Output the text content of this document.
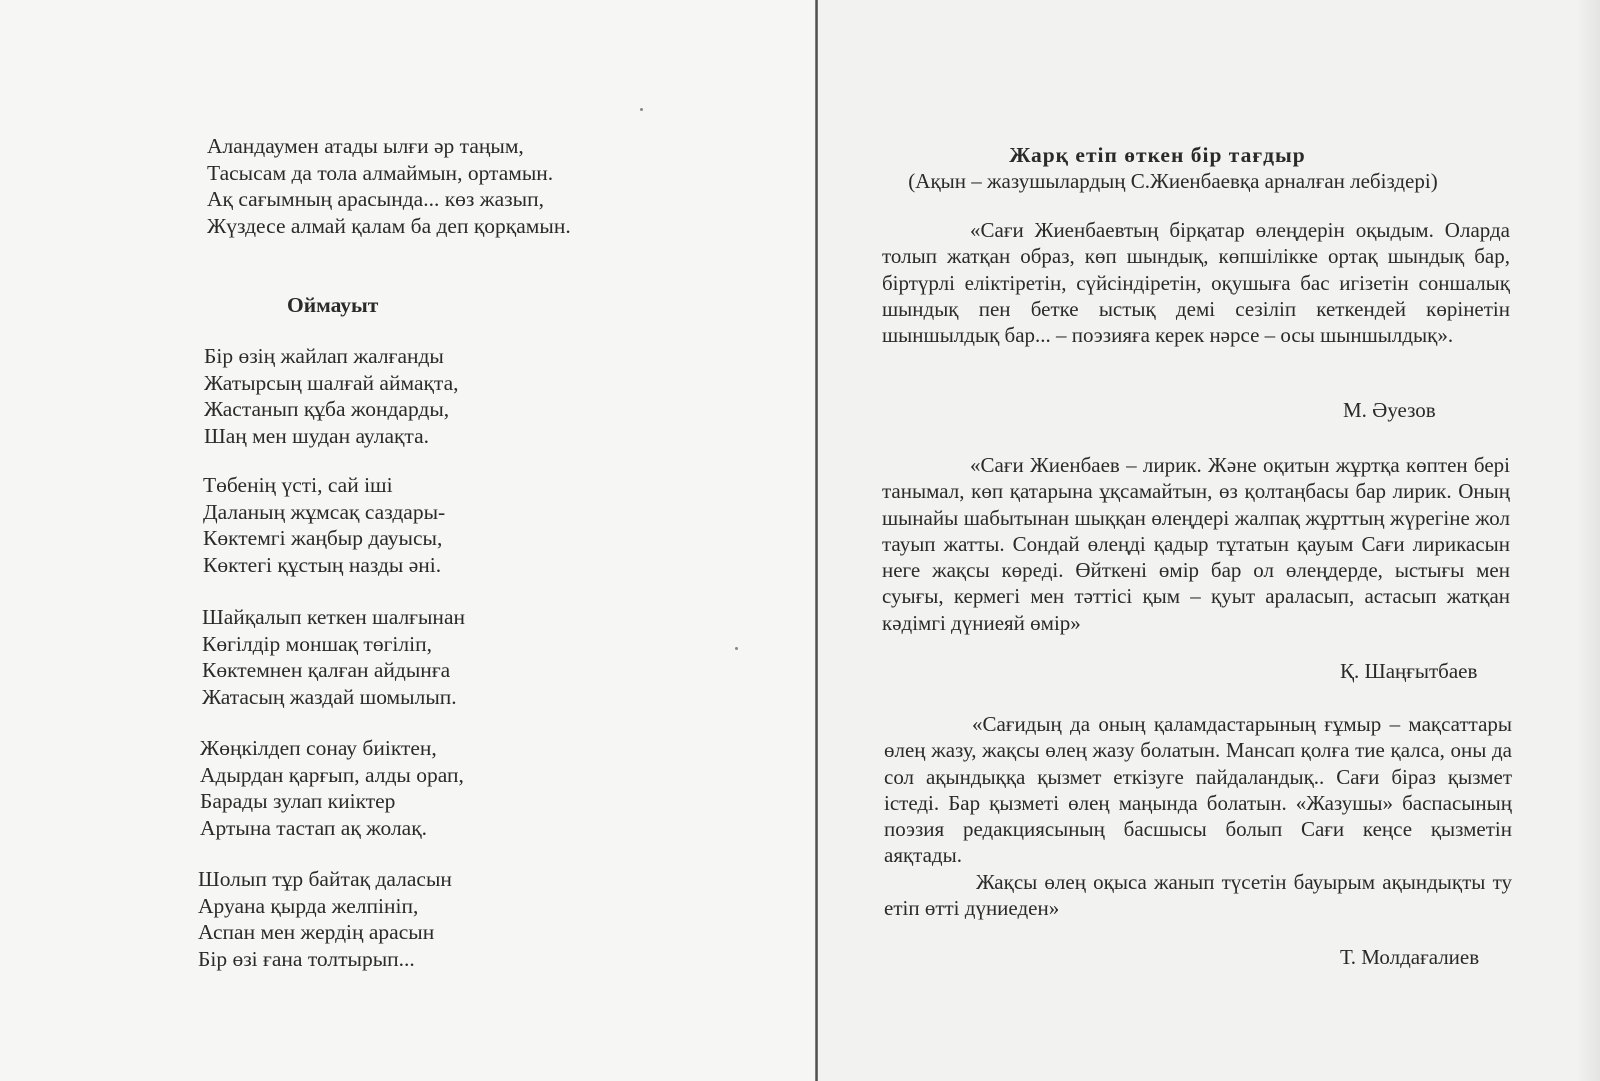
Аландаумен атады ылғи әр таңым,
Тасысам да тола алмаймын, ортамын.
Ақ сағымның арасында... көз жазып,
Жүздесе алмай қалам ба деп қорқамын.
Оймауыт
Бір өзің жайлап жалғанды
Жатырсың шалғай аймақта,
Жастанып құба жондарды,
Шаң мен шудан аулақта.
Төбенің үсті, сай іші
Даланың жұмсақ саздары-
Көктемгі жаңбыр дауысы,
Көктегі құстың назды әні.
Шайқалып кеткен шалғынан
Көгілдір моншақ төгіліп,
Көктемнен қалған айдынға
Жатасың жаздай шомылып.
Жөңкілдеп сонау биіктен,
Адырдан қарғып, алды орап,
Барады зулап киіктер
Артына тастап ақ жолақ.
Шолып тұр байтақ даласын
Аруана қырда желпініп,
Аспан мен жердің арасын
Бір өзі ғана толтырып...
Жарқ етіп өткен бір тағдыр
(Ақын – жазушылардың С.Жиенбаевқа арналған лебіздері)

«Сағи Жиенбаевтың бірқатар өлеңдерін оқыдым. Оларда толып жатқан образ, көп шындық, көпшілікке ортақ шындық бар, біртүрлі еліктіретін, сүйсіндіретін, оқушыға бас игізетін соншалық шындық пен бетке ыстық демі сезіліп кеткендей көрінетін шыншылдық бар... – поэзияға керек нәрсе – осы шыншылдық».

М. Әуезов

«Сағи Жиенбаев – лирик. Және оқитын жұртқа көптен бері танымал, көп қатарына ұқсамайтын, өз қолтаңбасы бар лирик. Оның шынайы шабытынан шыққан өлеңдері жалпақ жұрттың жүрегіне жол тауып жатты. Сондай өлеңді қадыр тұтатын қауым Сағи лирикасын неге жақсы көреді. Өйткені өмір бар ол өлеңдерде, ыстығы мен суығы, кермегі мен тәттісі қым – қуыт араласып, астасып жатқан кәдімгі дүниеяй өмір»

Қ. Шаңғытбаев

«Сағидың да оның қаламдастарының ғұмыр – мақсаттары өлең жазу, жақсы өлең жазу болатын. Мансап қолға тие қалса, оны да сол ақындыққа қызмет еткізуге пайдаландық.. Сағи біраз қызмет істеді. Бар қызметі өлең маңында болатын. «Жазушы» баспасының поэзия редакциясының басшысы болып Сағи кеңсе қызметін аяқтады.

Жақсы өлең оқыса жанып түсетін бауырым ақындықты ту етіп өтті дүниеден»

Т. Молдағалиев
